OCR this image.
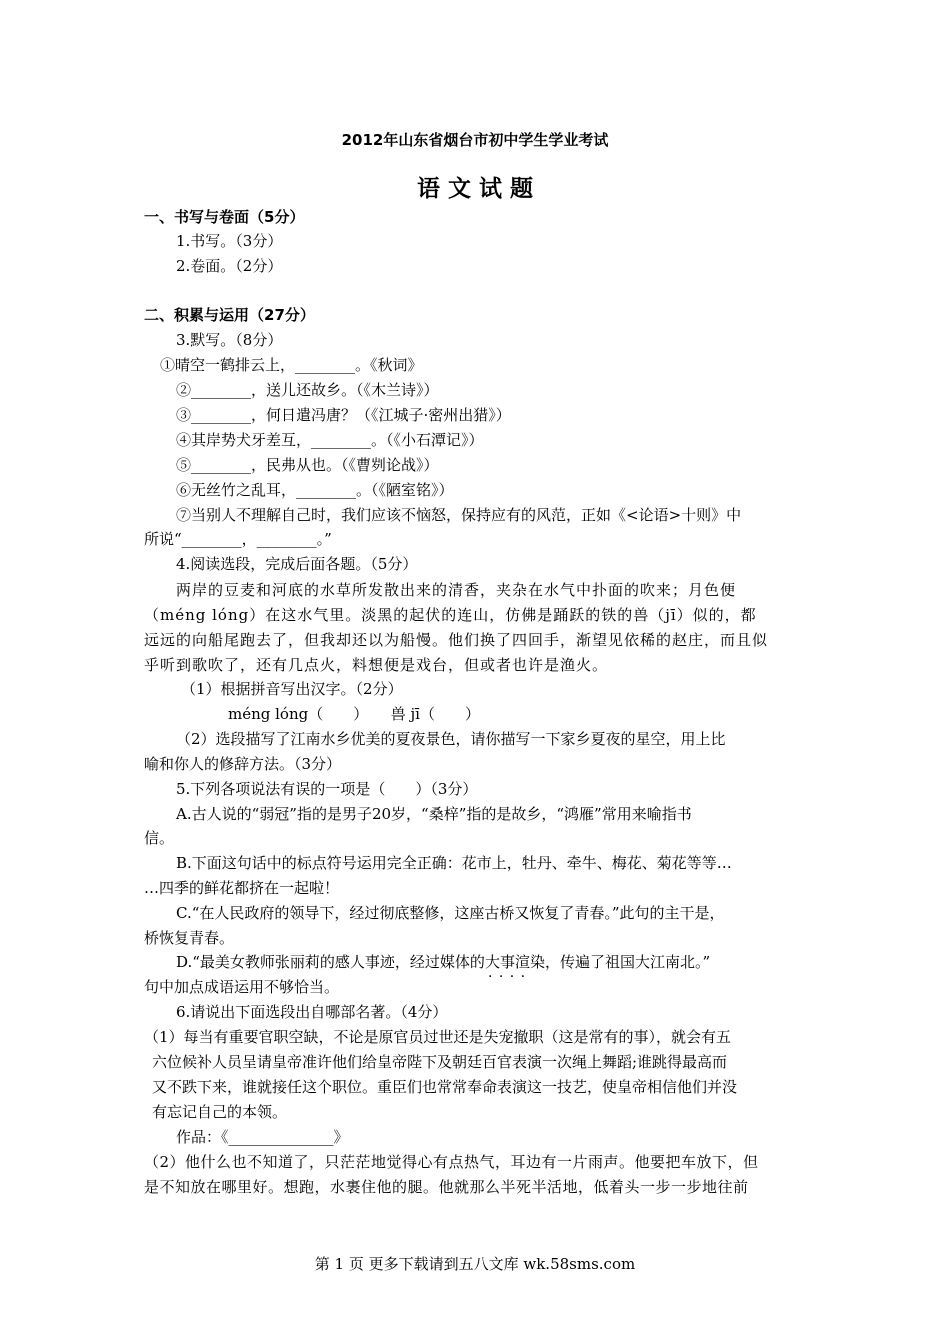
2012年山东省烟台市初中学生学业考试
语 文 试 题
一、书写与卷面（5分）
1.书写。（3分）
2.卷面。（2分）
二、积累与运用（27分）
3.默写。（8分）
①晴空一鹤排云上，________。《秋词》
②________，送儿还故乡。（《木兰诗》）
③________，何日遣冯唐？（《江城子·密州出猎》）
④其岸势犬牙差互，________。（《小石潭记》）
⑤________，民弗从也。（《曹刿论战》）
⑥无丝竹之乱耳，________。（《陋室铭》）
⑦当别人不理解自己时，我们应该不恼怒，保持应有的风范，正如《<论语>十则》中
所说“________，________。”
4.阅读选段，完成后面各题。（5分）
两岸的豆麦和河底的水草所发散出来的清香，夹杂在水气中扑面的吹来；月色便
（méng lóng）在这水气里。淡黑的起伏的连山，仿佛是踊跃的铁的兽（jī）似的，都
远远的向船尾跑去了，但我却还以为船慢。他们换了四回手，渐望见依稀的赵庄，而且似
乎听到歌吹了，还有几点火，料想便是戏台，但或者也许是渔火。
（1）根据拼音写出汉字。（2分）
méng lóng（　　）　　兽 jī（　　）
（2）选段描写了江南水乡优美的夏夜景色，请你描写一下家乡夏夜的星空，用上比
喻和你人的修辞方法。（3分）
5.下列各项说法有误的一项是（　　）（3分）
A.古人说的“弱冠”指的是男子20岁，“桑梓”指的是故乡，“鸿雁”常用来喻指书
信。
B.下面这句话中的标点符号运用完全正确：花市上，牡丹、牵牛、梅花、菊花等等…
…四季的鲜花都挤在一起啦！
C.“在人民政府的领导下，经过彻底整修，这座古桥又恢复了青春。”此句的主干是，
桥恢复青春。
D.“最美女教师张丽莉的感人事迹，经过媒体的大事渲染 · · · ·，传遍了祖国大江南北。”
句中加点成语运用不够恰当。
6.请说出下面选段出自哪部名著。（4分）
（1）每当有重要官职空缺，不论是原官员过世还是失宠撤职（这是常有的事），就会有五
六位候补人员呈请皇帝准许他们给皇帝陛下及朝廷百官表演一次绳上舞蹈;谁跳得最高而
又不跌下来，谁就接任这个职位。重臣们也常常奉命表演这一技艺，使皇帝相信他们并没
有忘记自己的本领。
作品：《______________》
（2）他什么也不知道了，只茫茫地觉得心有点热气，耳边有一片雨声。他要把车放下，但
是不知放在哪里好。想跑，水裹住他的腿。他就那么半死半活地，低着头一步一步地往前
第 1 页 更多下载请到五八文库 wk.58sms.com
